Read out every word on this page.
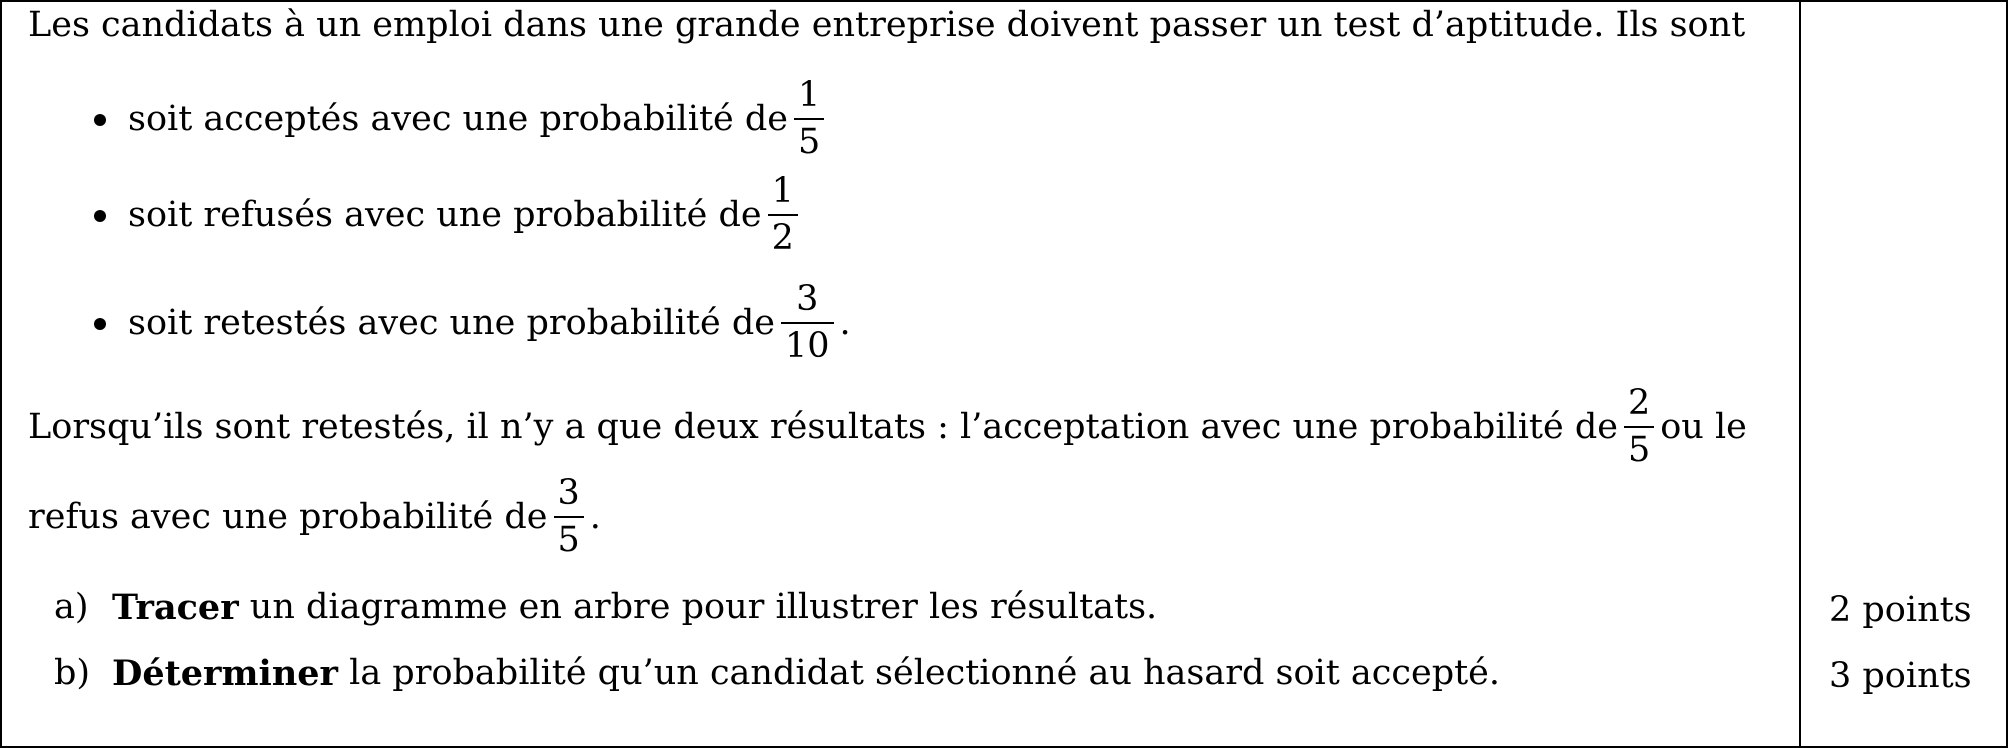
Les candidats à un emploi dans une grande entreprise doivent passer un test d’aptitude. Ils sont
soit acceptés avec une probabilité de $\frac{1}{5}$
soit refusés avec une probabilité de $\frac{1}{2}$
soit retestés avec une probabilité de $\frac{3}{10}$ .
Lorsqu’ils sont retestés, il n’y a que deux résultats : l’acceptation avec une probabilité de $\frac{2}{5}$ ou le
refus avec une probabilité de $\frac{3}{5}$ .
a) Tracer
un diagramme en arbre pour illustrer les résultats.
b) Déterminer
la probabilité qu’un candidat sélectionné au hasard soit accepté.
2 points
3 points
